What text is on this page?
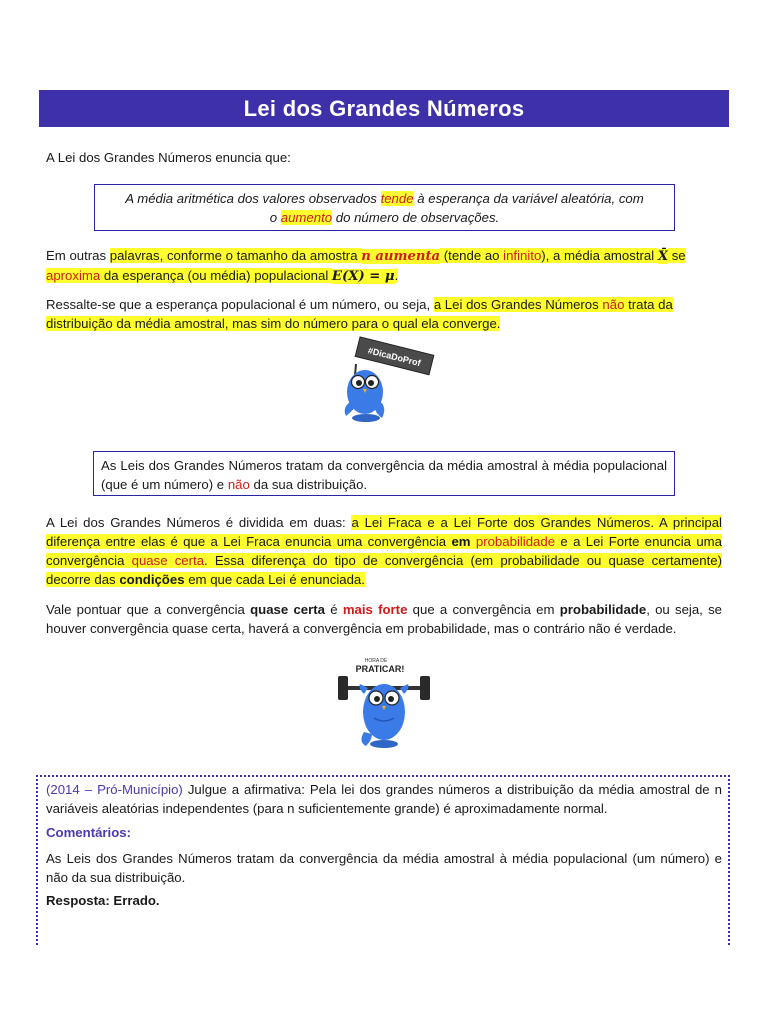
Lei dos Grandes Números

A Lei dos Grandes Números enuncia que:

A média aritmética dos valores observados tende à esperança da variável aleatória, com
o aumento do número de observações.

Em outras palavras, conforme o tamanho da amostra n aumenta (tende ao infinito), a média amostral X̄ se
aproxima da esperança (ou média) populacional E(X) = μ.

Ressalte-se que a esperança populacional é um número, ou seja, a Lei dos Grandes Números não trata da
distribuição da média amostral, mas sim do número para o qual ela converge.

#DicaDoProf
As Leis dos Grandes Números tratam da convergência da média amostral à média populacional (que é um número) e não da sua distribuição.

A Lei dos Grandes Números é dividida em duas: a Lei Fraca e a Lei Forte dos Grandes Números. A principal diferença entre elas é que a Lei Fraca enuncia uma convergência em probabilidade e a Lei Forte enuncia uma convergência quase certa. Essa diferença do tipo de convergência (em probabilidade ou quase certamente) decorre das condições em que cada Lei é enunciada.

Vale pontuar que a convergência quase certa é mais forte que a convergência em probabilidade, ou seja, se houver convergência quase certa, haverá a convergência em probabilidade, mas o contrário não é verdade.

HORA DE
PRATICAR!

(2014 – Pró-Município) Julgue a afirmativa: Pela lei dos grandes números a distribuição da média amostral de n variáveis aleatórias independentes (para n suficientemente grande) é aproximadamente normal.

Comentários:

As Leis dos Grandes Números tratam da convergência da média amostral à média populacional (um número) e não da sua distribuição.

Resposta: Errado.
